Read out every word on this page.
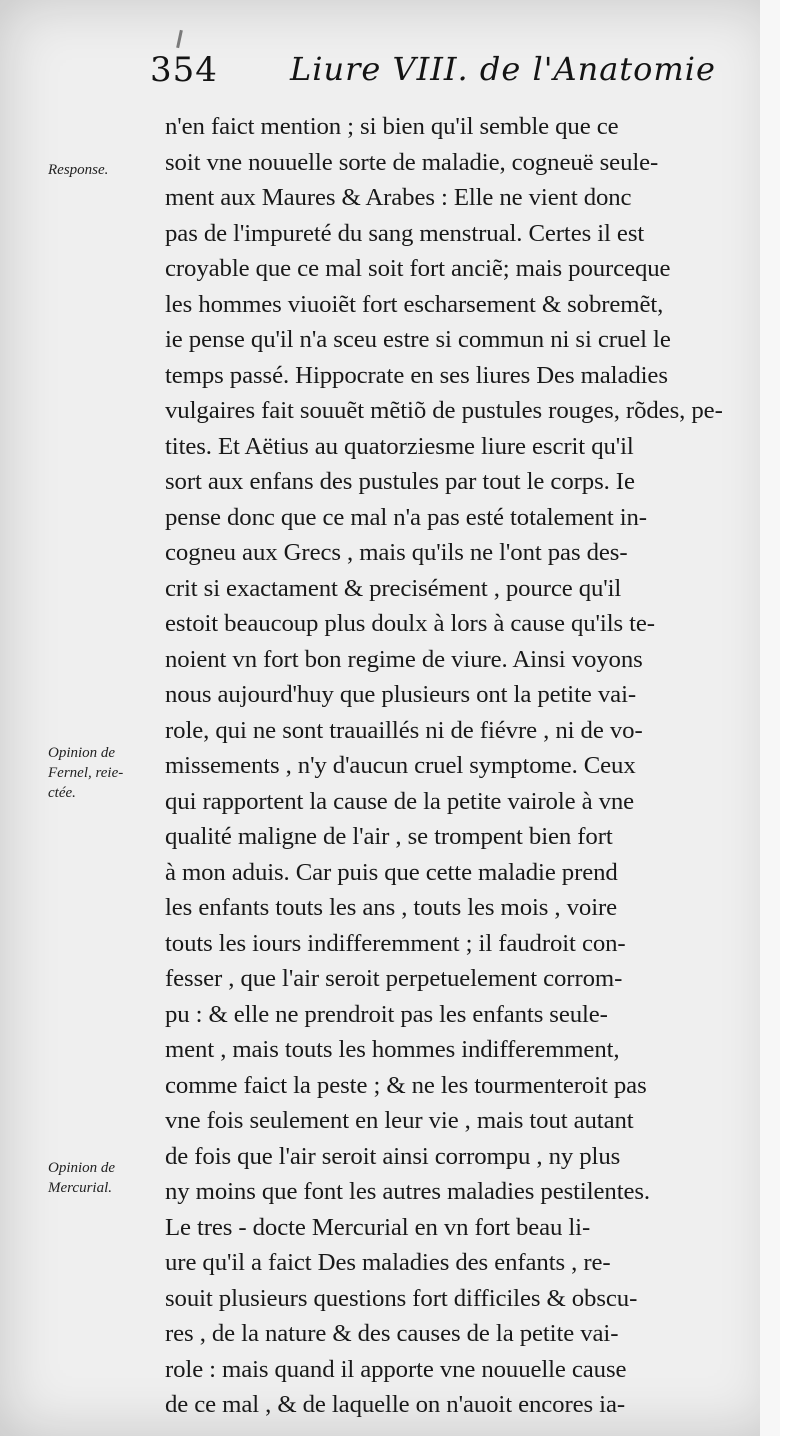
354 Liure VIII. de l'Anatomie
Response.
Opinion de
Fernel, reie-
ctée.
Opinion de
Mercurial.
n'en faict mention ; si bien qu'il semble que ce
soit vne nouuelle sorte de maladie, cogneuë seule-
ment aux Maures & Arabes : Elle ne vient donc
pas de l'impureté du sang menstrual. Certes il est
croyable que ce mal soit fort anciẽ; mais pourceque
les hommes viuoiẽt fort escharsement & sobremẽt,
ie pense qu'il n'a sceu estre si commun ni si cruel le
temps passé. Hippocrate en ses liures Des maladies
vulgaires fait souuẽt mẽtiõ de pustules rouges, rõdes, pe-
tites. Et Aëtius au quatorziesme liure escrit qu'il
sort aux enfans des pustules par tout le corps. Ie
pense donc que ce mal n'a pas esté totalement in-
cogneu aux Grecs , mais qu'ils ne l'ont pas des-
crit si exactament & precisément , pource qu'il
estoit beaucoup plus doulx à lors à cause qu'ils te-
noient vn fort bon regime de viure. Ainsi voyons
nous aujourd'huy que plusieurs ont la petite vai-
role, qui ne sont trauaillés ni de fiévre , ni de vo-
missements , n'y d'aucun cruel symptome. Ceux
qui rapportent la cause de la petite vairole à vne
qualité maligne de l'air , se trompent bien fort
à mon aduis. Car puis que cette maladie prend
les enfants touts les ans , touts les mois , voire
touts les iours indifferemment ; il faudroit con-
fesser , que l'air seroit perpetuelement corrom-
pu : & elle ne prendroit pas les enfants seule-
ment , mais touts les hommes indifferemment,
comme faict la peste ; & ne les tourmenteroit pas
vne fois seulement en leur vie , mais tout autant
de fois que l'air seroit ainsi corrompu , ny plus
ny moins que font les autres maladies pestilentes.
Le tres - docte Mercurial en vn fort beau li-
ure qu'il a faict Des maladies des enfants , re-
souit plusieurs questions fort difficiles & obscu-
res , de la nature & des causes de la petite vai-
role : mais quand il apporte vne nouuelle cause
de ce mal , & de laquelle on n'auoit encores ia-
